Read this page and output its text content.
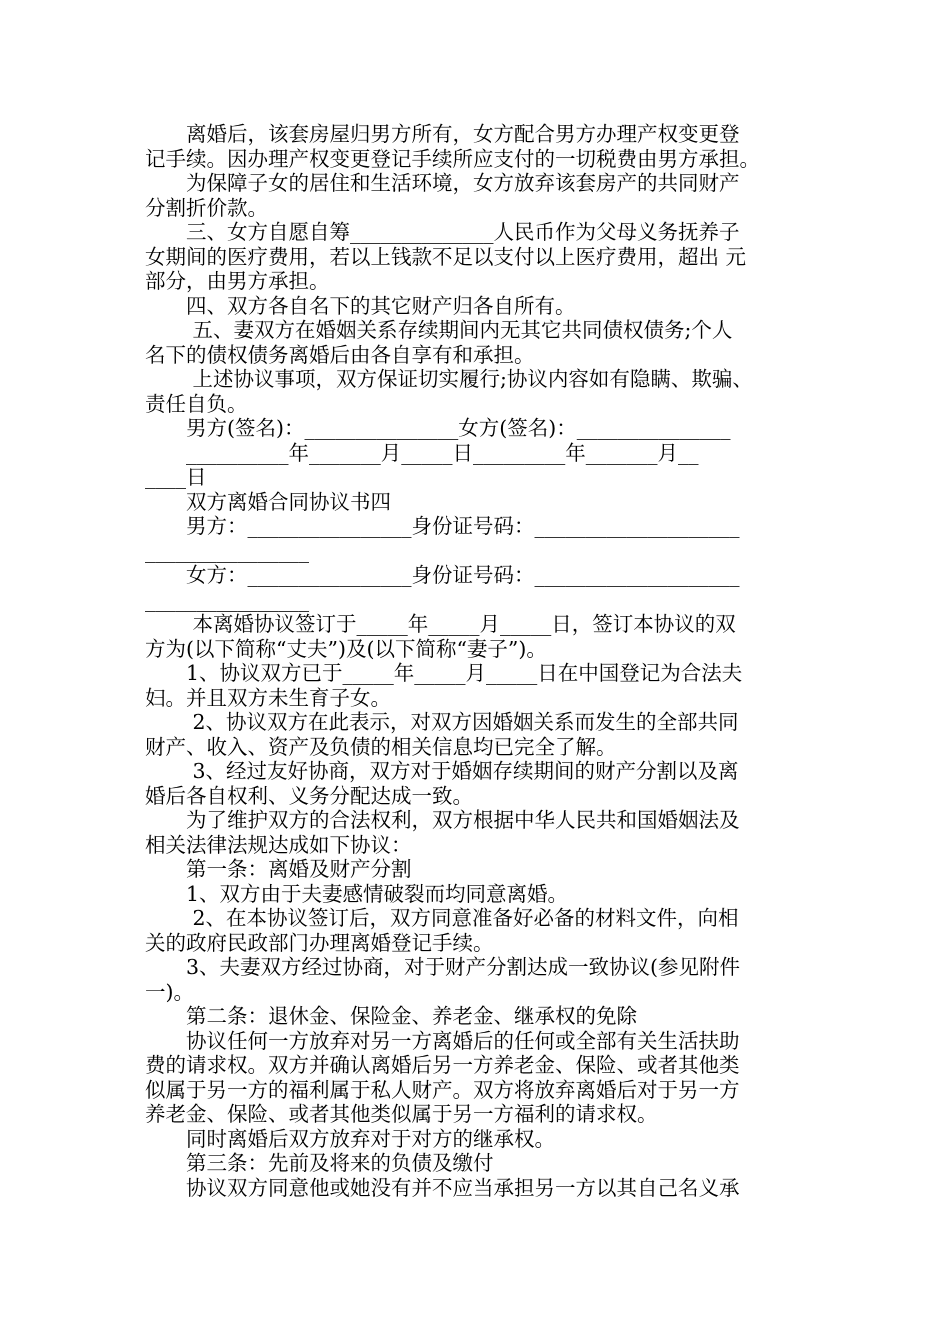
　　离婚后，该套房屋归男方所有，女方配合男方办理产权变更登
记手续。因办理产权变更登记手续所应支付的一切税费由男方承担。
　　为保障子女的居住和生活环境，女方放弃该套房产的共同财产
分割折价款。
　　三、女方自愿自筹______________人民币作为父母义务抚养子
女期间的医疗费用，若以上钱款不足以支付以上医疗费用，超出 元
部分，由男方承担。
　　四、双方各自名下的其它财产归各自所有。
　　 五、妻双方在婚姻关系存续期间内无其它共同债权债务;个人
名下的债权债务离婚后由各自享有和承担。
　　 上述协议事项，双方保证切实履行;协议内容如有隐瞒、欺骗、
责任自负。
　　男方(签名)：_______________女方(签名)：_______________
　　__________年_______月_____日_________年_______月__
____日
　　双方离婚合同协议书四
　　男方：________________身份证号码：____________________
________________
　　女方：________________身份证号码：____________________
________________
　　 本离婚协议签订于_____年_____月_____日，签订本协议的双
方为(以下简称“丈夫”)及(以下简称“妻子”)。
　　1、协议双方已于_____年_____月_____日在中国登记为合法夫
妇。并且双方未生育子女。
　　 2、协议双方在此表示，对双方因婚姻关系而发生的全部共同
财产、收入、资产及负债的相关信息均已完全了解。
　　 3、经过友好协商，双方对于婚姻存续期间的财产分割以及离
婚后各自权利、义务分配达成一致。
　　为了维护双方的合法权利，双方根据中华人民共和国婚姻法及
相关法律法规达成如下协议：
　　第一条：离婚及财产分割
　　1、双方由于夫妻感情破裂而均同意离婚。
　　 2、在本协议签订后，双方同意准备好必备的材料文件，向相
关的政府民政部门办理离婚登记手续。
　　3、夫妻双方经过协商，对于财产分割达成一致协议(参见附件
一)。
　　第二条：退休金、保险金、养老金、继承权的免除
　　协议任何一方放弃对另一方离婚后的任何或全部有关生活扶助
费的请求权。双方并确认离婚后另一方养老金、保险、或者其他类
似属于另一方的福利属于私人财产。双方将放弃离婚后对于另一方
养老金、保险、或者其他类似属于另一方福利的请求权。
　　同时离婚后双方放弃对于对方的继承权。
　　第三条：先前及将来的负债及缴付
　　协议双方同意他或她没有并不应当承担另一方以其自己名义承
